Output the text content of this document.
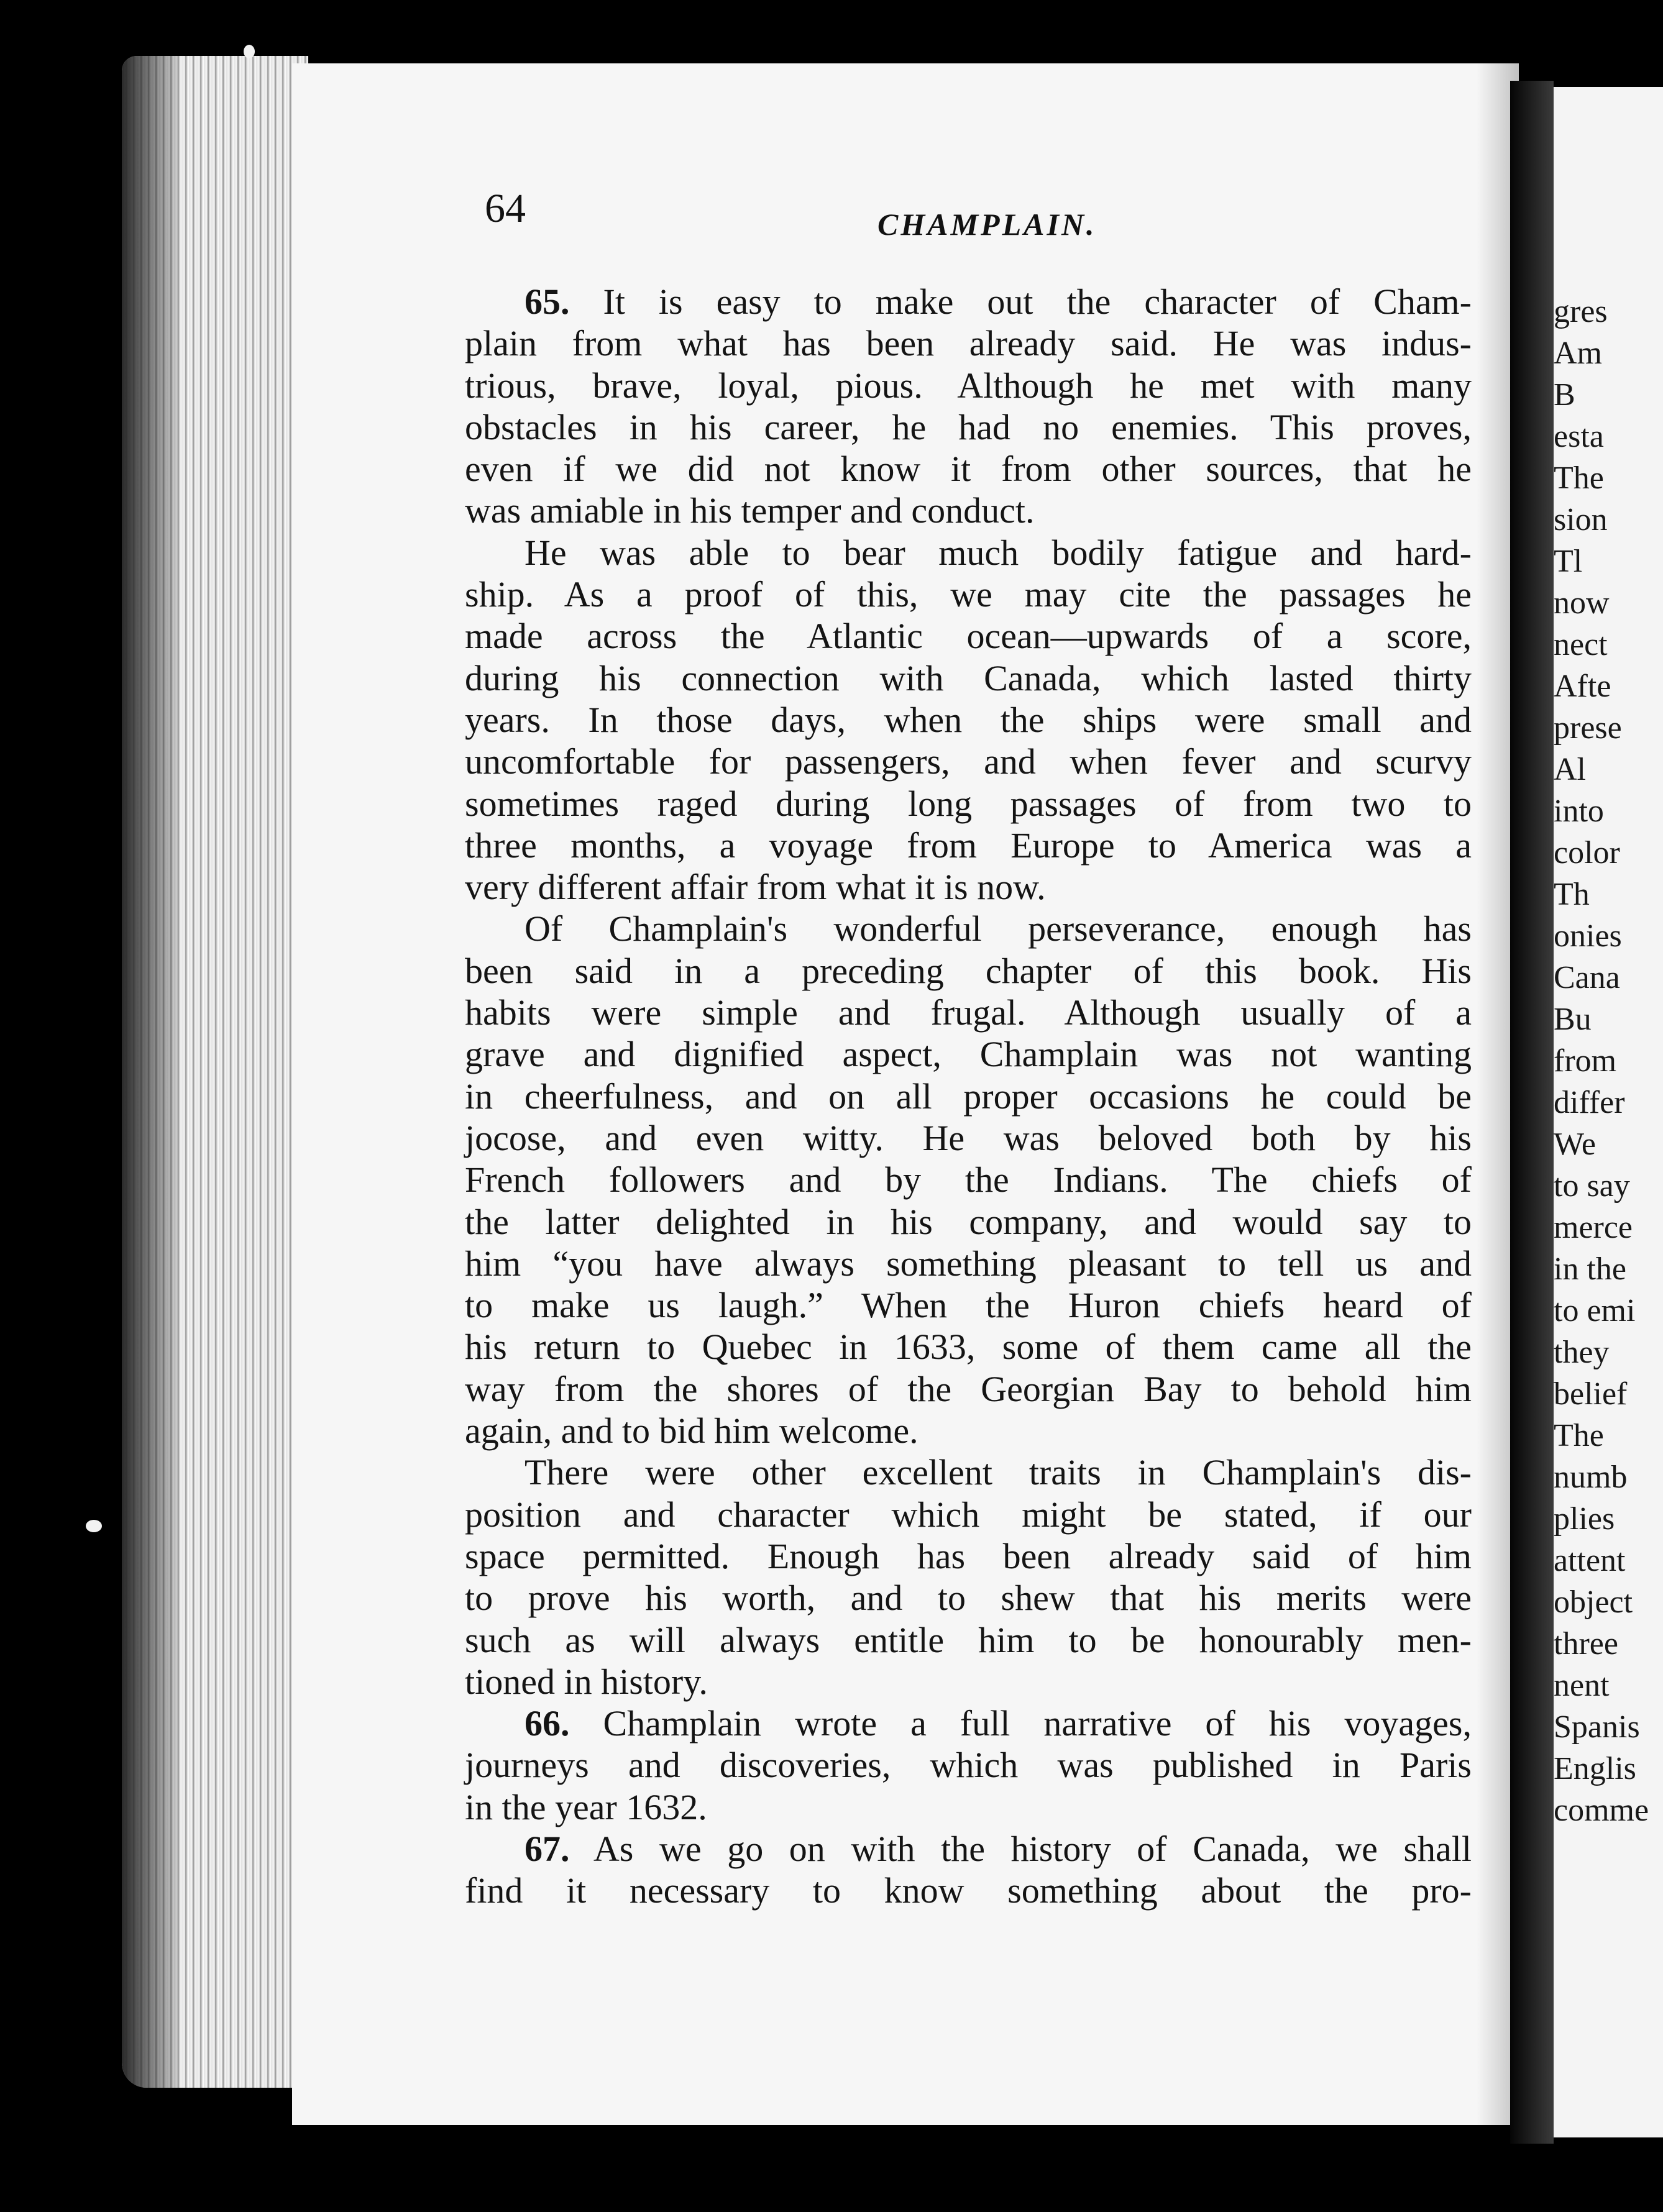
64	CHAMPLAIN.
65. It is easy to make out the character of Cham-
plain from what has been already said. He was indus-
trious, brave, loyal, pious. Although he met with many
obstacles in his career, he had no enemies. This proves,
even if we did not know it from other sources, that he
was amiable in his temper and conduct.
He was able to bear much bodily fatigue and hard-
ship. As a proof of this, we may cite the passages he
made across the Atlantic ocean—upwards of a score,
during his connection with Canada, which lasted thirty
years. In those days, when the ships were small and
uncomfortable for passengers, and when fever and scurvy
sometimes raged during long passages of from two to
three months, a voyage from Europe to America was a
very different affair from what it is now.
Of Champlain's wonderful perseverance, enough has
been said in a preceding chapter of this book. His
habits were simple and frugal. Although usually of a
grave and dignified aspect, Champlain was not wanting
in cheerfulness, and on all proper occasions he could be
jocose, and even witty. He was beloved both by his
French followers and by the Indians. The chiefs of
the latter delighted in his company, and would say to
him “you have always something pleasant to tell us and
to make us laugh.” When the Huron chiefs heard of
his return to Quebec in 1633, some of them came all the
way from the shores of the Georgian Bay to behold him
again, and to bid him welcome.
There were other excellent traits in Champlain's dis-
position and character which might be stated, if our
space permitted. Enough has been already said of him
to prove his worth, and to shew that his merits were
such as will always entitle him to be honourably men-
tioned in history.
66. Champlain wrote a full narrative of his voyages,
journeys and discoveries, which was published in Paris
in the year 1632.
67. As we go on with the history of Canada, we shall
find it necessary to know something about the pro-
gres
Am
B
esta
The
sion
Tl
now
nect
Afte
prese
Al
into
color
Th
onies
Cana
Bu
from
differ
We
to say
merce
in the
to emi
they
belief
The
numb
plies
attent
object
three
nent
Spanis
Englis
comme
